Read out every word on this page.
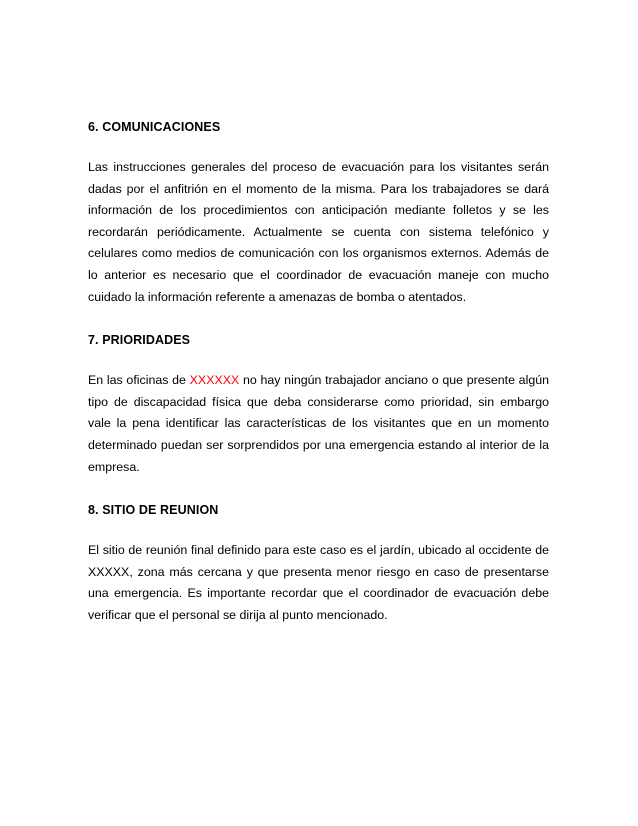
6. COMUNICACIONES

Las instrucciones generales del proceso de evacuación para los visitantes serán dadas por el anfitrión en el momento de la misma. Para los trabajadores se dará información de los procedimientos con anticipación mediante folletos y se les recordarán periódicamente. Actualmente se cuenta con sistema telefónico y celulares como medios de comunicación con los organismos externos. Además de lo anterior es necesario que el coordinador de evacuación maneje con mucho cuidado la información referente a amenazas de bomba o atentados.

7. PRIORIDADES

En las oficinas de XXXXXX no hay ningún trabajador anciano o que presente algún tipo de discapacidad física que deba considerarse como prioridad, sin embargo vale la pena identificar las características de los visitantes que en un momento determinado puedan ser sorprendidos por una emergencia estando al interior de la empresa.

8. SITIO DE REUNION

El sitio de reunión final definido para este caso es el jardín, ubicado al occidente de XXXXX, zona más cercana y que presenta menor riesgo en caso de presentarse una emergencia. Es importante recordar que el coordinador de evacuación debe verificar que el personal se dirija al punto mencionado.
